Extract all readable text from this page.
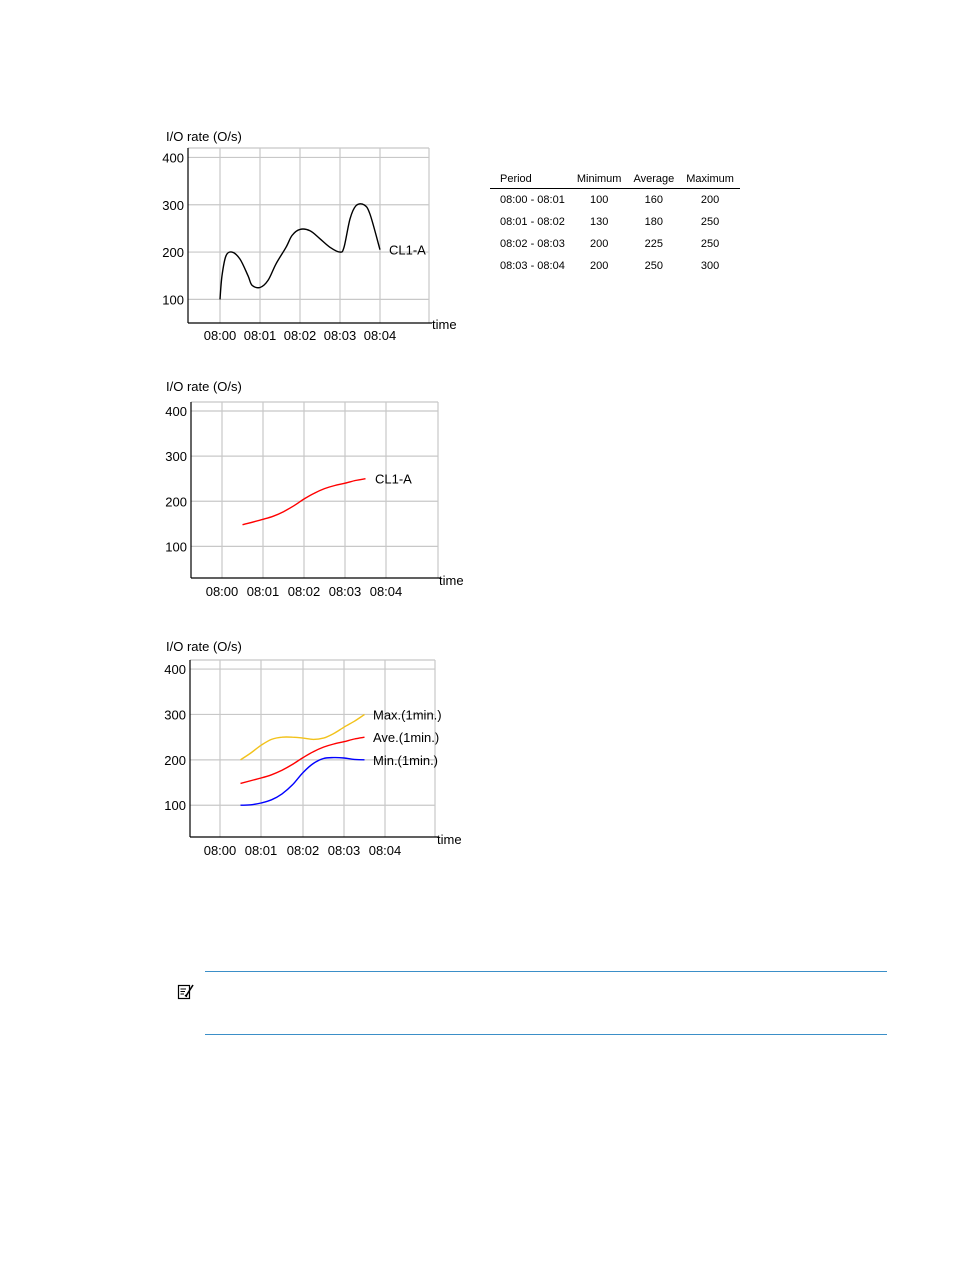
I/O rate (O/s)
time
100
200
300
400
08:00 08:01 08:02 08:03 08:04
CL1-A
I/O rate (O/s)
time
100
200
300
400
08:00 08:01 08:02 08:03 08:04
CL1-A
I/O rate (O/s)
time
100
200
300
400
08:00 08:01 08:02 08:03 08:04
Max.(1min.)
Ave.(1min.)
Min.(1min.)
Period	Minimum	Average	Maximum
08:00 - 08:01	100	160	200
08:01 - 08:02	130	180	250
08:02 - 08:03	200	225	250
08:03 - 08:04	200	250	300
